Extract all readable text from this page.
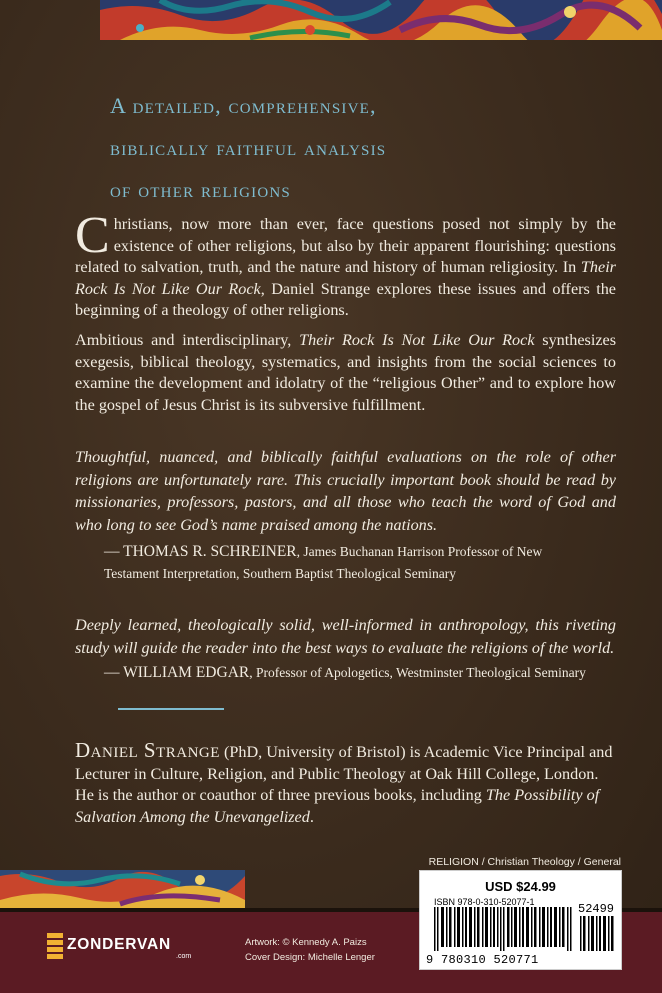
A detailed, comprehensive,
biblically faithful analysis
of other religions
Christians, now more than ever, face questions posed not simply by the existence of other religions, but also by their apparent flourishing: questions related to salvation, truth, and the nature and history of human religiosity. In Their Rock Is Not Like Our Rock, Daniel Strange explores these issues and offers the beginning of a theology of other religions.
Ambitious and interdisciplinary, Their Rock Is Not Like Our Rock synthesizes exegesis, biblical theology, systematics, and insights from the social sciences to examine the development and idolatry of the “religious Other” and to explore how the gospel of Jesus Christ is its subversive fulfillment.
Thoughtful, nuanced, and biblically faithful evaluations on the role of other religions are unfortunately rare. This crucially important book should be read by missionaries, professors, pastors, and all those who teach the word of God and who long to see God’s name praised among the nations.
— THOMAS R. SCHREINER, James Buchanan Harrison Professor of New Testament Interpretation, Southern Baptist Theological Seminary
Deeply learned, theologically solid, well-informed in anthropology, this riveting study will guide the reader into the best ways to evaluate the religions of the world.
— WILLIAM EDGAR, Professor of Apologetics, Westminster Theological Seminary
Daniel Strange (PhD, University of Bristol) is Academic Vice Principal and Lecturer in Culture, Religion, and Public Theology at Oak Hill College, London. He is the author or coauthor of three previous books, including The Possibility of Salvation Among the Unevangelized.
RELIGION / Christian Theology / General
USD $24.99
ISBN 978-0-310-52077-1	52499
9 780310 520771
ZONDERVAN
.com
Artwork: © Kennedy A. Paizs
Cover Design: Michelle Lenger
